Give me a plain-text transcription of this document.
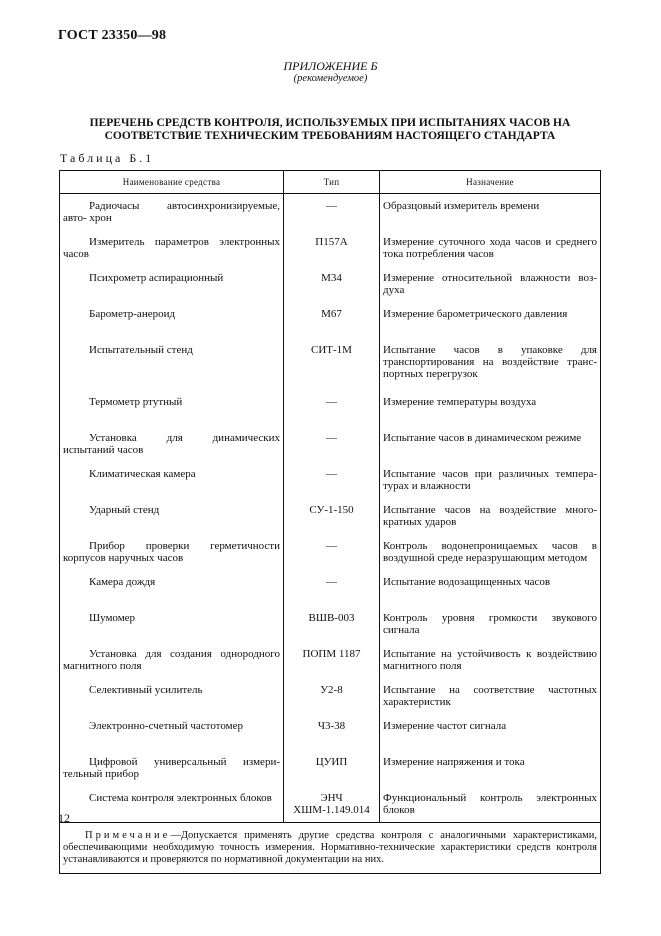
ГОСТ 23350—98
ПРИЛОЖЕНИЕ Б
(рекомендуемое)
ПЕРЕЧЕНЬ СРЕДСТВ КОНТРОЛЯ, ИСПОЛЬЗУЕМЫХ ПРИ ИСПЫТАНИЯХ ЧАСОВ НА
СООТВЕТСТВИЕ ТЕХНИЧЕСКИМ ТРЕБОВАНИЯМ НАСТОЯЩЕГО СТАНДАРТА
Таблица Б.1
Наименование средства	Тип	Назначение
Радиочасы автосинхронизируемые, авто- хрон	—	Образцовый измеритель времени
Измеритель параметров электронных часов	П157А	Измерение суточного хода часов и среднего тока потребления часов
Психрометр аспирационный	М34	Измерение относительной влажности воз- духа
Барометр-анероид	М67	Измерение барометрического давления
Испытательный стенд	СИТ-1М	Испытание часов в упаковке для транспортирования на воздействие транс- портных перегрузок
Термометр ртутный	—	Измерение температуры воздуха
Установка для динамических испытаний часов	—	Испытание часов в динамическом режиме
Климатическая камера	—	Испытание часов при различных темпера- турах и влажности
Ударный стенд	СУ-1-150	Испытание часов на воздействие много- кратных ударов
Прибор проверки герметичности корпусов наручных часов	—	Контроль водонепроницаемых часов в воздушной среде неразрушающим методом
Камера дождя	—	Испытание водозащищенных часов
Шумомер	ВШВ-003	Контроль уровня громкости звукового сигнала
Установка для создания однородного магнитного поля	ПОПМ 1187	Испытание на устойчивость к воздействию магнитного поля
Селективный усилитель	У2-8	Испытание на соответствие частотных характеристик
Электронно-счетный частотомер	Ч3-38	Измерение частот сигнала
Цифровой универсальный измери- тельный прибор	ЦУИП	Измерение напряжения и тока
Система контроля электронных блоков	ЭНЧ ХШМ-1.149.014	Функциональный контроль электронных блоков
Примечание—Допускается применять другие средства контроля с аналогичными характеристиками, обеспечивающими необходимую точность измерения. Нормативно-технические характеристики средств контроля устанавливаются и проверяются по нормативной документации на них.		
12
